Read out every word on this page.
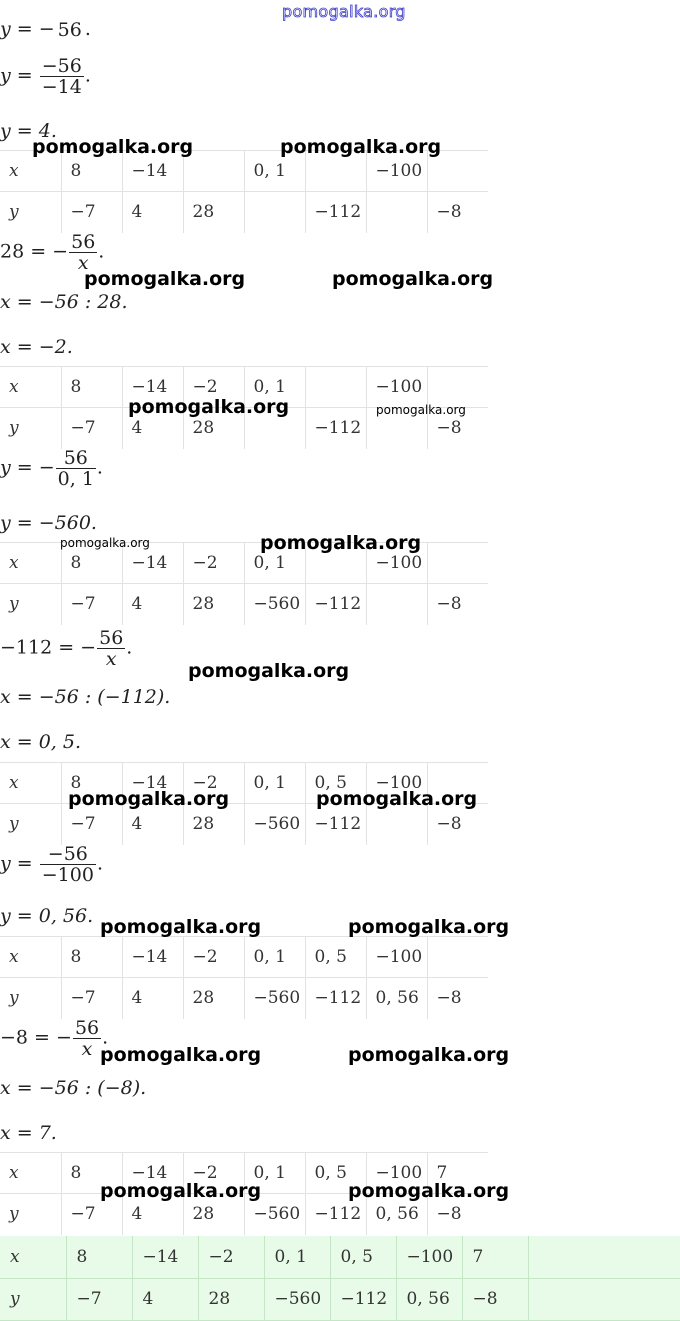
pomogalka.org
y = − 56 .
$y = \frac{-56}{-14}$ .
y = 4.
x	8	−14		0, 1		−100	
y	−7	4	28		−112		−8
28 = − $\frac{56}{x}$ .
x = −56 : 28.
x = −2.
x	8	−14	−2	0, 1		−100	
y	−7	4	28		−112		−8
y = − $\frac{56}{0, 1}$ .
y = −560.
x	8	−14	−2	0, 1		−100	
y	−7	4	28	−560	−112		−8
−112 = − $\frac{56}{x}$ .
x = −56 : (−112).
x = 0, 5.
x	8	−14	−2	0, 1	0, 5	−100	
y	−7	4	28	−560	−112		−8
$y = \frac{-56}{-100}$ .
y = 0, 56.
x	8	−14	−2	0, 1	0, 5	−100	
y	−7	4	28	−560	−112	0, 56	−8
−8 = − $\frac{56}{x}$ .
x = −56 : (−8).
x = 7.
x	8	−14	−2	0, 1	0, 5	−100	7
y	−7	4	28	−560	−112	0, 56	−8
x	8	−14	−2	0, 1	0, 5	−100	7	
y	−7	4	28	−560	−112	0, 56	−8	
pomogalka.org	pomogalka.org
pomogalka.org	pomogalka.org
pomogalka.org	pomogalka.org
pomogalka.org	pomogalka.org
pomogalka.org
pomogalka.org	pomogalka.org
pomogalka.org	pomogalka.org
pomogalka.org	pomogalka.org
pomogalka.org	pomogalka.org
